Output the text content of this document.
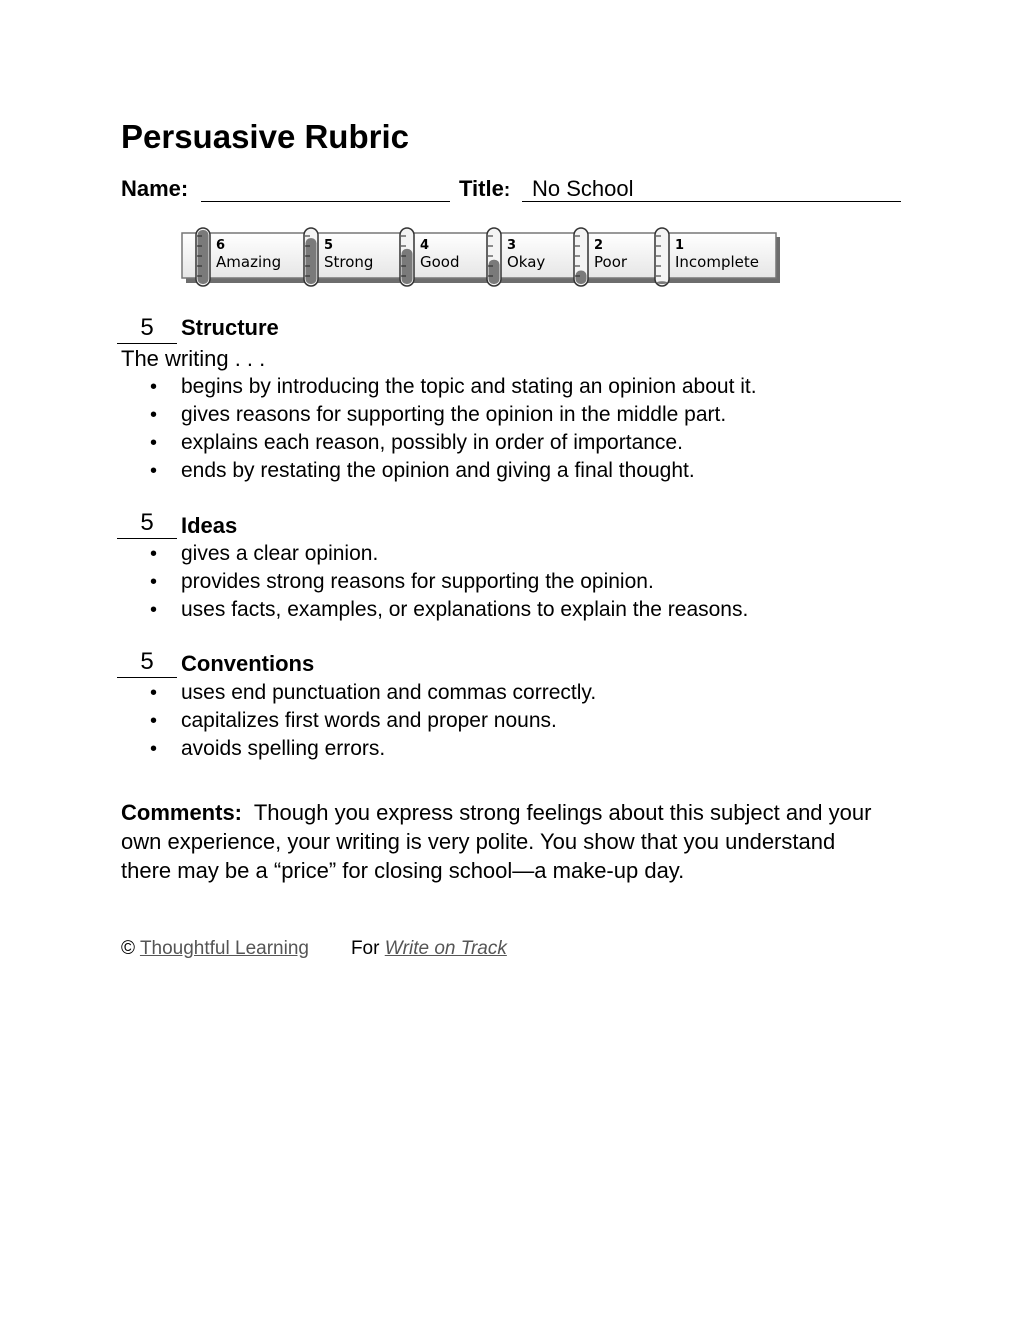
Persuasive Rubric
Name:	Title: No School
6
Amazing
5
Strong
4
Good
3
Okay
2
Poor
1
Incomplete
5	Structure
The writing . . .
• begins by introducing the topic and stating an opinion about it.
• gives reasons for supporting the opinion in the middle part.
• explains each reason, possibly in order of importance.
• ends by restating the opinion and giving a final thought.
5	Ideas
• gives a clear opinion.
• provides strong reasons for supporting the opinion.
• uses facts, examples, or explanations to explain the reasons.
5	Conventions
• uses end punctuation and commas correctly.
• capitalizes first words and proper nouns.
• avoids spelling errors.
Comments: Though you express strong feelings about this subject and your own experience, your writing is very polite. You show that you understand there may be a “price” for closing school—a make-up day.
© Thoughtful Learning For Write on Track
